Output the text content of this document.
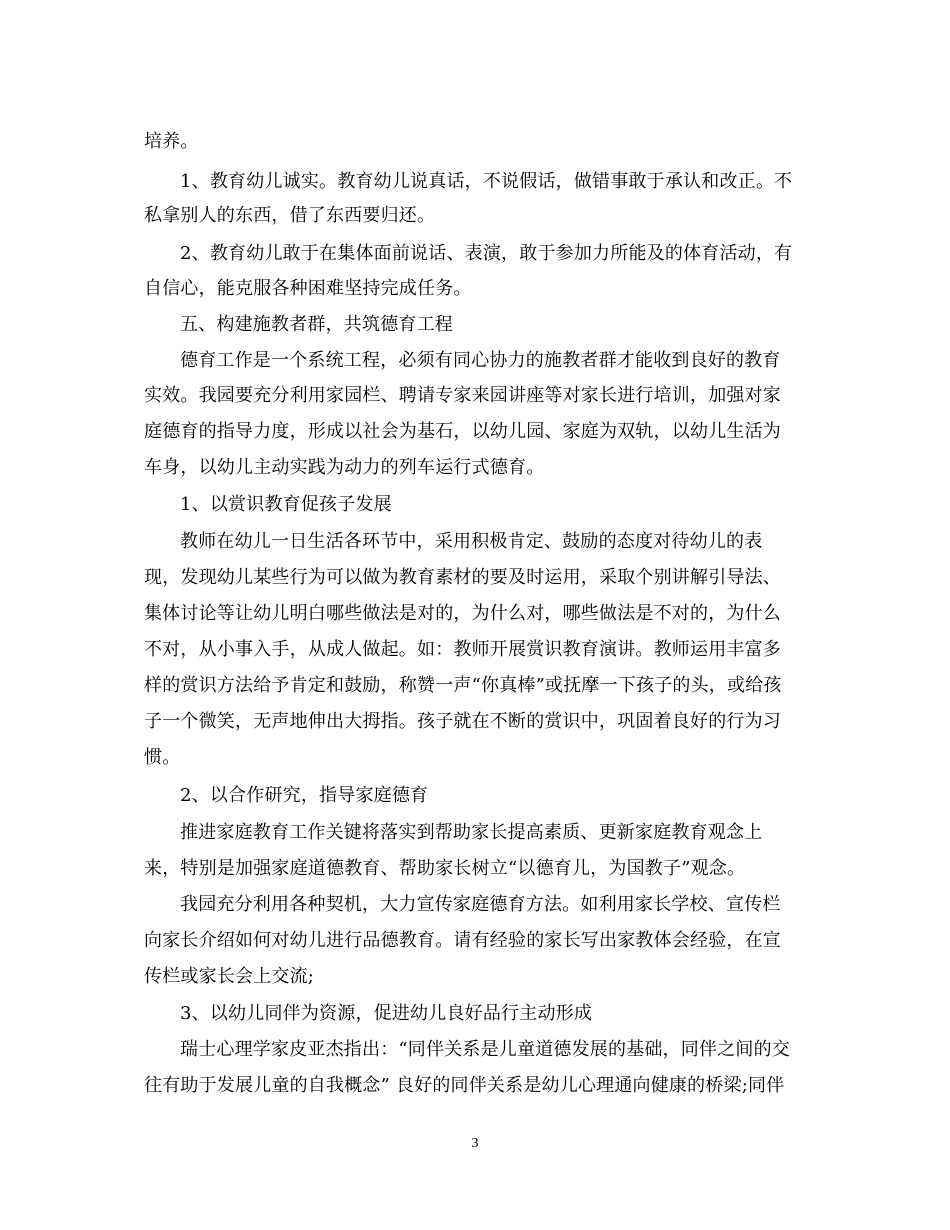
培养。
1、教育幼儿诚实。教育幼儿说真话，不说假话，做错事敢于承认和改正。不
私拿别人的东西，借了东西要归还。
2、教育幼儿敢于在集体面前说话、表演，敢于参加力所能及的体育活动，有
自信心，能克服各种困难坚持完成任务。
五、构建施教者群，共筑德育工程
德育工作是一个系统工程，必须有同心协力的施教者群才能收到良好的教育
实效。我园要充分利用家园栏、聘请专家来园讲座等对家长进行培训，加强对家
庭德育的指导力度，形成以社会为基石，以幼儿园、家庭为双轨，以幼儿生活为
车身，以幼儿主动实践为动力的列车运行式德育。
1、以赏识教育促孩子发展
教师在幼儿一日生活各环节中，采用积极肯定、鼓励的态度对待幼儿的表
现，发现幼儿某些行为可以做为教育素材的要及时运用，采取个别讲解引导法、
集体讨论等让幼儿明白哪些做法是对的，为什么对，哪些做法是不对的，为什么
不对，从小事入手，从成人做起。如：教师开展赏识教育演讲。教师运用丰富多
样的赏识方法给予肯定和鼓励，称赞一声“你真棒”或抚摩一下孩子的头，或给孩
子一个微笑，无声地伸出大拇指。孩子就在不断的赏识中，巩固着良好的行为习
惯。
2、以合作研究，指导家庭德育
推进家庭教育工作关键将落实到帮助家长提高素质、更新家庭教育观念上
来，特别是加强家庭道德教育、帮助家长树立“以德育儿，为国教子”观念。
我园充分利用各种契机，大力宣传家庭德育方法。如利用家长学校、宣传栏
向家长介绍如何对幼儿进行品德教育。请有经验的家长写出家教体会经验，在宣
传栏或家长会上交流;
3、以幼儿同伴为资源，促进幼儿良好品行主动形成
瑞士心理学家皮亚杰指出：“同伴关系是儿童道德发展的基础，同伴之间的交
往有助于发展儿童的自我概念” 良好的同伴关系是幼儿心理通向健康的桥梁;同伴
3
